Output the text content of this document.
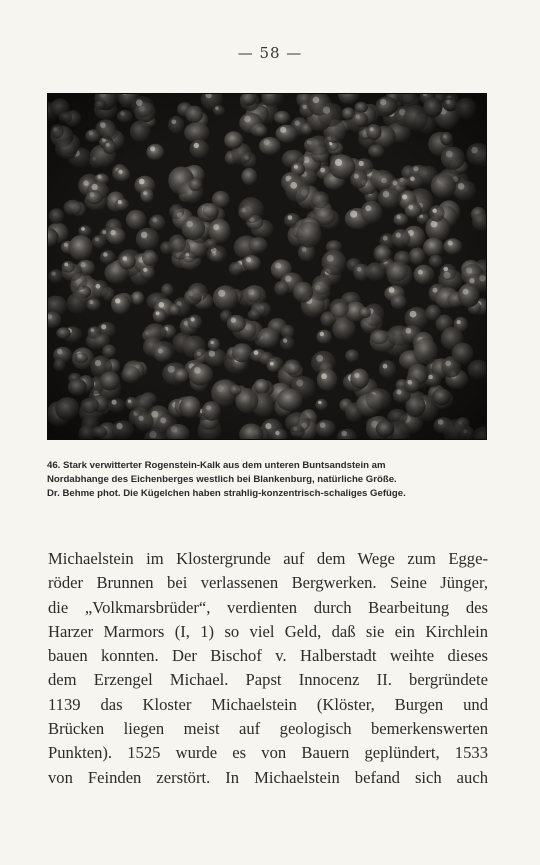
— 58 —
46. Stark verwitterter Rogenstein-Kalk aus dem unteren Buntsandstein am
Nordabhange des Eichenberges westlich bei Blankenburg, natürliche Größe.
Dr. Behme phot. Die Kügelchen haben strahlig-konzentrisch-schaliges Gefüge.
Michaelstein im Klostergrunde auf dem Wege zum Egge-
röder Brunnen bei verlassenen Bergwerken. Seine Jünger,
die „Volkmarsbrüder“, verdienten durch Bearbeitung des
Harzer Marmors (I, 1) so viel Geld, daß sie ein Kirchlein
bauen konnten. Der Bischof v. Halberstadt weihte dieses
dem Erzengel Michael. Papst Innocenz II. bergründete
1139 das Kloster Michaelstein (Klöster, Burgen und
Brücken liegen meist auf geologisch bemerkenswerten
Punkten). 1525 wurde es von Bauern geplündert, 1533
von Feinden zerstört. In Michaelstein befand sich auch
